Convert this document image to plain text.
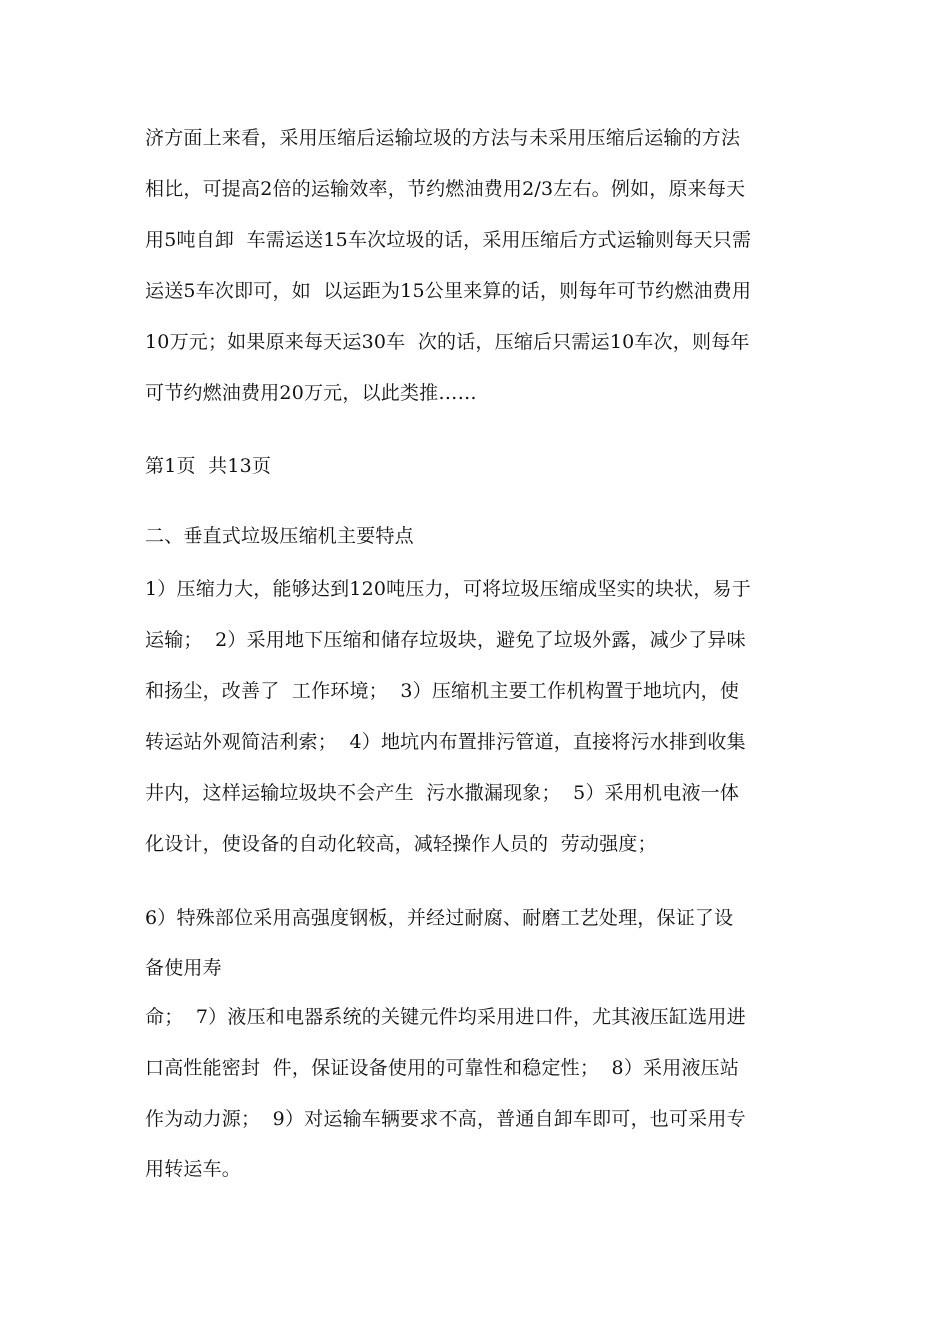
济方面上来看，采用压缩后运输垃圾的方法与未采用压缩后运输的方法
相比，可提高2倍的运输效率，节约燃油费用2/3左右。例如，原来每天
用5吨自卸  车需运送15车次垃圾的话，采用压缩后方式运输则每天只需
运送5车次即可，如  以运距为15公里来算的话，则每年可节约燃油费用
10万元；如果原来每天运30车  次的话，压缩后只需运10车次，则每年
可节约燃油费用20万元，以此类推……
第1页  共13页
二、垂直式垃圾压缩机主要特点
1）压缩力大，能够达到120吨压力，可将垃圾压缩成坚实的块状，易于
运输；  2）采用地下压缩和储存垃圾块，避免了垃圾外露，减少了异味
和扬尘，改善了  工作环境；  3）压缩机主要工作机构置于地坑内，使
转运站外观简洁利索；  4）地坑内布置排污管道，直接将污水排到收集
井内，这样运输垃圾块不会产生  污水撒漏现象；  5）采用机电液一体
化设计，使设备的自动化较高，减轻操作人员的  劳动强度；
6）特殊部位采用高强度钢板，并经过耐腐、耐磨工艺处理，保证了设
备使用寿
命；  7）液压和电器系统的关键元件均采用进口件，尤其液压缸选用进
口高性能密封  件，保证设备使用的可靠性和稳定性；  8）采用液压站
作为动力源；  9）对运输车辆要求不高，普通自卸车即可，也可采用专
用转运车。
